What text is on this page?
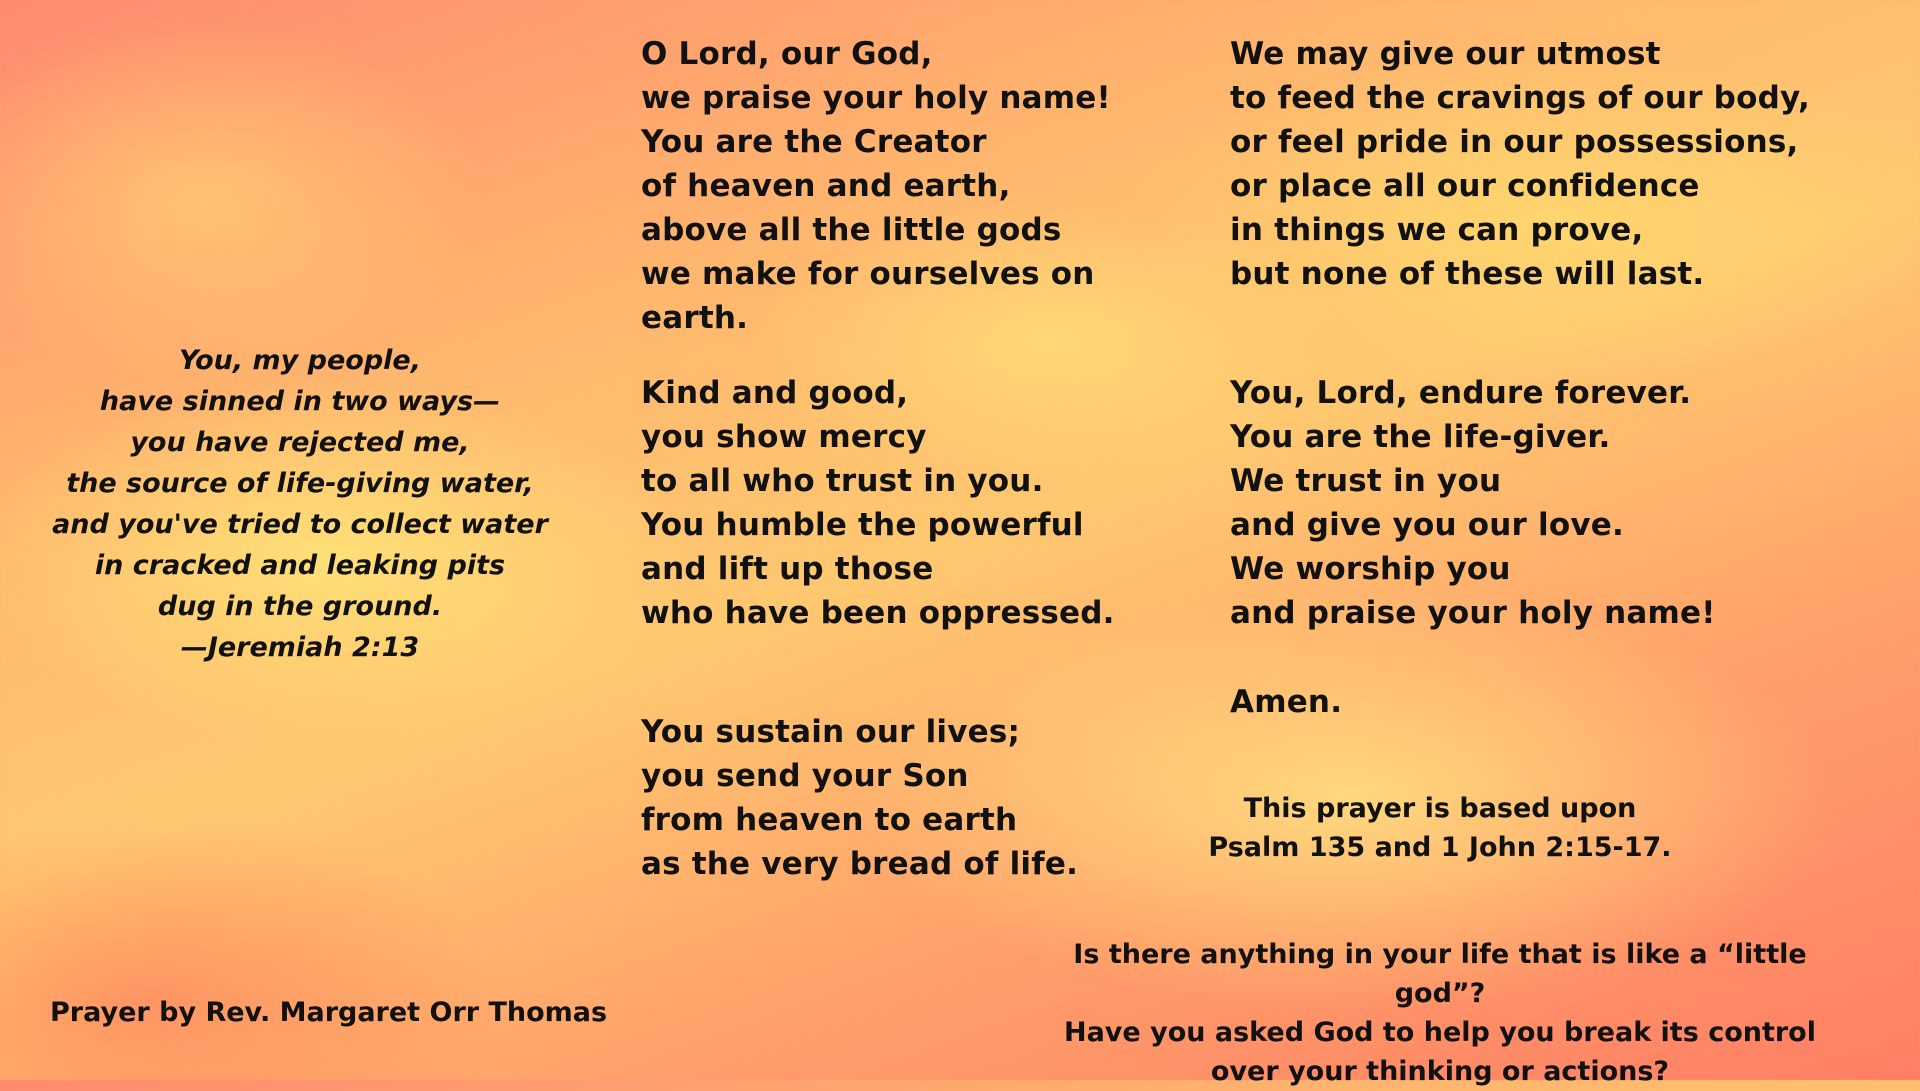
You, my people,
have sinned in two ways—
you have rejected me,
the source of life-giving water,
and you've tried to collect water
in cracked and leaking pits
dug in the ground.
—Jeremiah 2:13
O Lord, our God,
we praise your holy name!
You are the Creator
of heaven and earth,
above all the little gods
we make for ourselves on earth.
Kind and good,
you show mercy
to all who trust in you.
You humble the powerful
and lift up those
who have been oppressed.
You sustain our lives;
you send your Son
from heaven to earth
as the very bread of life.
We may give our utmost
to feed the cravings of our body,
or feel pride in our possessions,
or place all our confidence
in things we can prove,
but none of these will last.
You, Lord, endure forever.
You are the life-giver.
We trust in you
and give you our love.
We worship you
and praise your holy name!
Amen.
This prayer is based upon
Psalm 135 and 1 John 2:15-17.
Is there anything in your life that is like a “little god”?
Have you asked God to help you break its control
over your thinking or actions?
Prayer by Rev. Margaret Orr Thomas
